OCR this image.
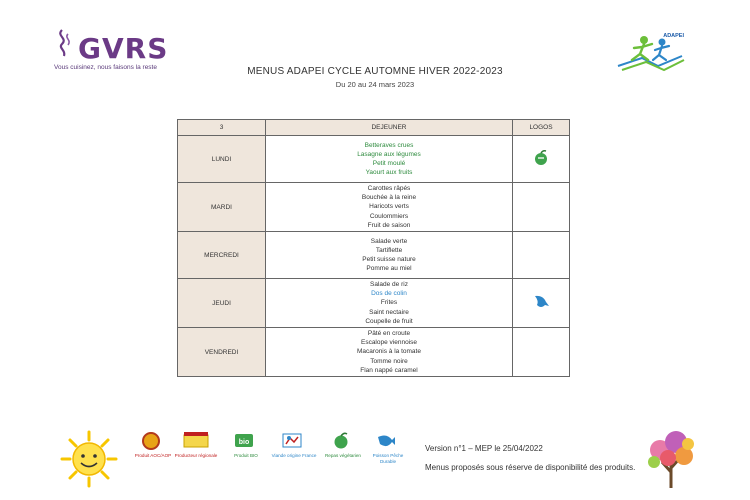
GVRS
Vous cuisinez, nous faisons la reste
ADAPEI
MENUS ADAPEI CYCLE AUTOMNE HIVER 2022-2023
Du 20 au 24 mars 2023
3	DEJEUNER	LOGOS
LUNDI	Betteraves crues
Lasagne aux légumes
Petit moulé
Yaourt aux fruits

MARDI	Carottes râpés
Bouchée à la reine
Haricots verts
Coulommiers
Fruit de saison	

MERCREDI	Salade verte
Tartiflette
Petit suisse nature
Pomme au miel	

JEUDI	Salade de riz
Dos de colin
Frites
Saint nectaire
Coupelle de fruit

VENDREDI	Pâté en croute
Escalope viennoise
Macaronis à la tomate
Tomme noire
Flan nappé caramel	

Produit AOC/AOP Producteur régionale
bio
Produit BIO	Viande origine France	Repas végétarien	Poisson Pêche Durable
Version n°1 – MEP le 25/04/2022
Menus proposés sous réserve de disponibilité des produits.
